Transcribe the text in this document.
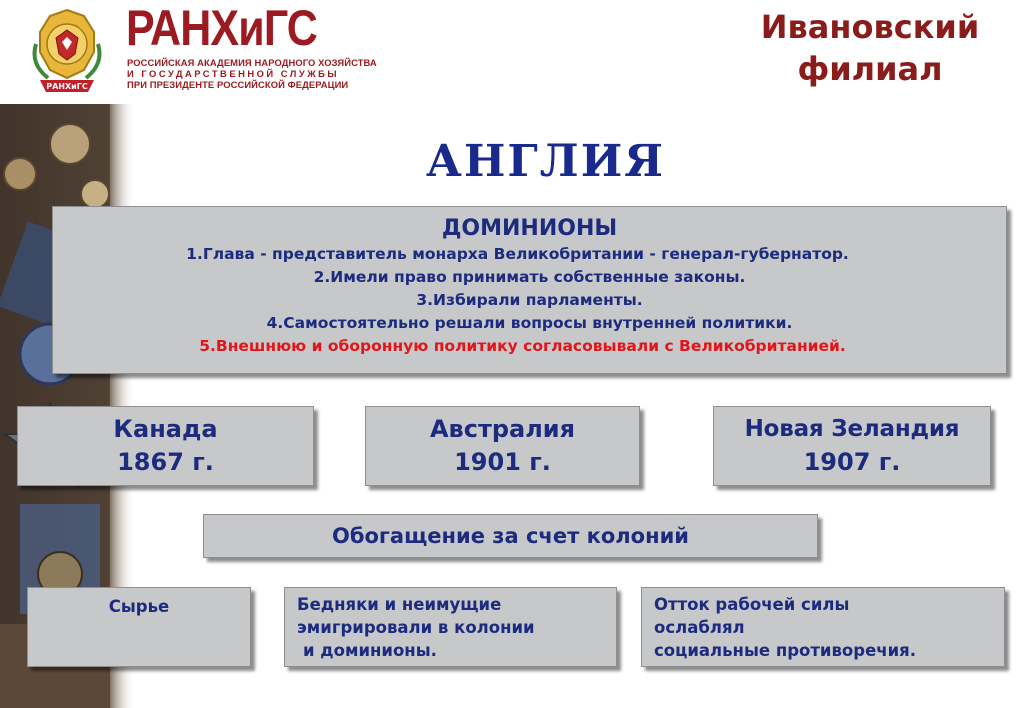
РАНХиГС
РАНХиГС
РОССИЙСКАЯ АКАДЕМИЯ НАРОДНОГО ХОЗЯЙСТВА
И ГОСУДАРСТВЕННОЙ СЛУЖБЫ
ПРИ ПРЕЗИДЕНТЕ РОССИЙСКОЙ ФЕДЕРАЦИИ
Ивановский
филиал
АНГЛИЯ
ДОМИНИОНЫ
1.Глава - представитель монарха Великобритании - генерал-губернатор.
2.Имели право принимать собственные законы.
3.Избирали парламенты.
4.Самостоятельно решали вопросы внутренней политики.
5.Внешнюю и оборонную политику согласовывали с Великобританией.
Канада
1867 г.
Австралия
1901 г.
Новая Зеландия
1907 г.
Обогащение за счет колоний
Сырье	Бедняки и неимущие
эмигрировали в колонии
и доминионы.
Отток рабочей силы
ослаблял
социальные противоречия.
